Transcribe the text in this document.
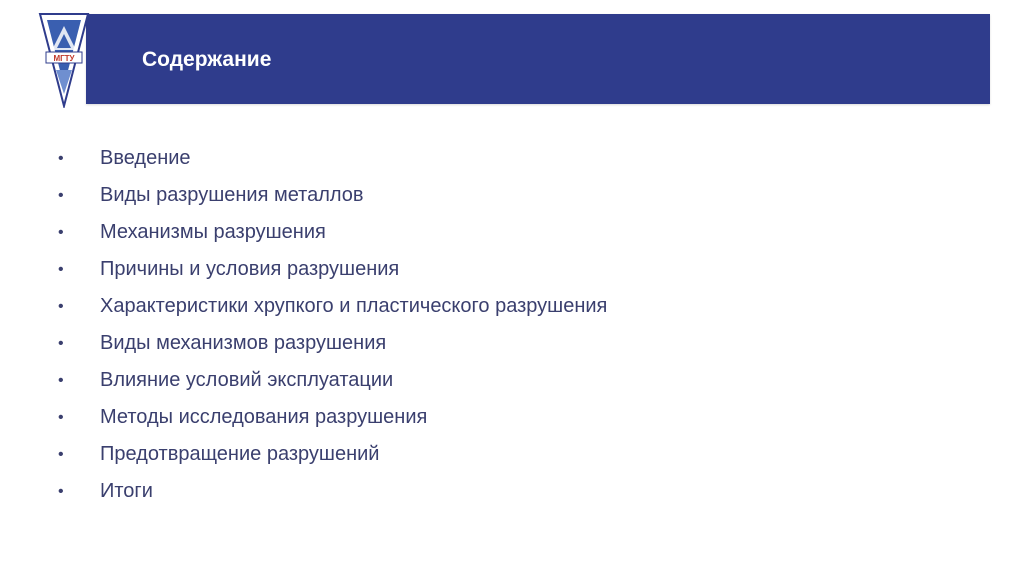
МГТУ	Содержание
•	Введение
•	Виды разрушения металлов
•	Механизмы разрушения
•	Причины и условия разрушения
•	Характеристики хрупкого и пластического разрушения
•	Виды механизмов разрушения
•	Влияние условий эксплуатации
•	Методы исследования разрушения
•	Предотвращение разрушений
•	Итоги
